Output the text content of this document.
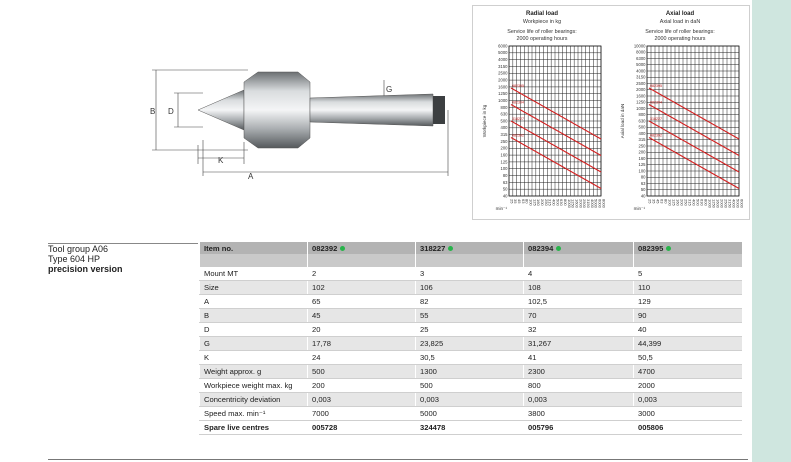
B D
G
K
A
Radial load
Workpiece in kg
Service life of roller bearings:
2000 operating hours
6000
5000
4000
3150
2500
2000
1600
1250
1000
800
630
500
400
315
250
200
160
125
100
80
63
50
40
25
35
45
63
80
100
125
160
200
250
315
400
500
630
800
1000
1250
1600
2000
2500
3150
4000
5000
6000
8000
Workpiece in kg
min⁻¹
082395
082394
318227
082392
Axial load
Axial load in daN
Service life of roller bearings:
2000 operating hours
10000
8000
6300
5000
4000
3150
2500
2000
1600
1250
1000
800
630
500
400
315
250
200
160
125
100
80
63
50
40
25 35 45 63 80 100 125 160 200 250 315 400 500 630 800 1000 1250 1600 2000 2500 3150 4000 5000 6000
Axial load in daN
min⁻¹
082395
082394
318227
082392
Tool group A06
Type 604 HP
precision version
Item no.	082392	318227	082394	082395

Mount MT	2	3	4	5
Size	102	106	108	110
A	65	82	102,5	129
B	45	55	70	90
D	20	25	32	40
G	17,78	23,825	31,267	44,399
K	24	30,5	41	50,5
Weight approx. g	500	1300	2300	4700
Workpiece weight max. kg	200	500	800	2000
Concentricity deviation	0,003	0,003	0,003	0,003
Speed max. min⁻¹	7000	5000	3800	3000
Spare live centres	005728	324478	005796	005806
